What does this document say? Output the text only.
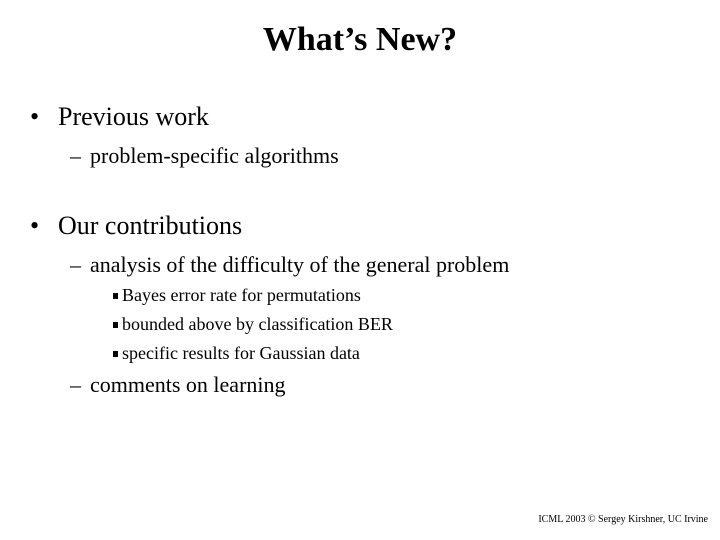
What’s New?
• Previous work
– problem-specific algorithms
• Our contributions
– analysis of the difficulty of the general problem
Bayes error rate for permutations
bounded above by classification BER
specific results for Gaussian data
– comments on learning
ICML 2003 © Sergey Kirshner, UC Irvine
